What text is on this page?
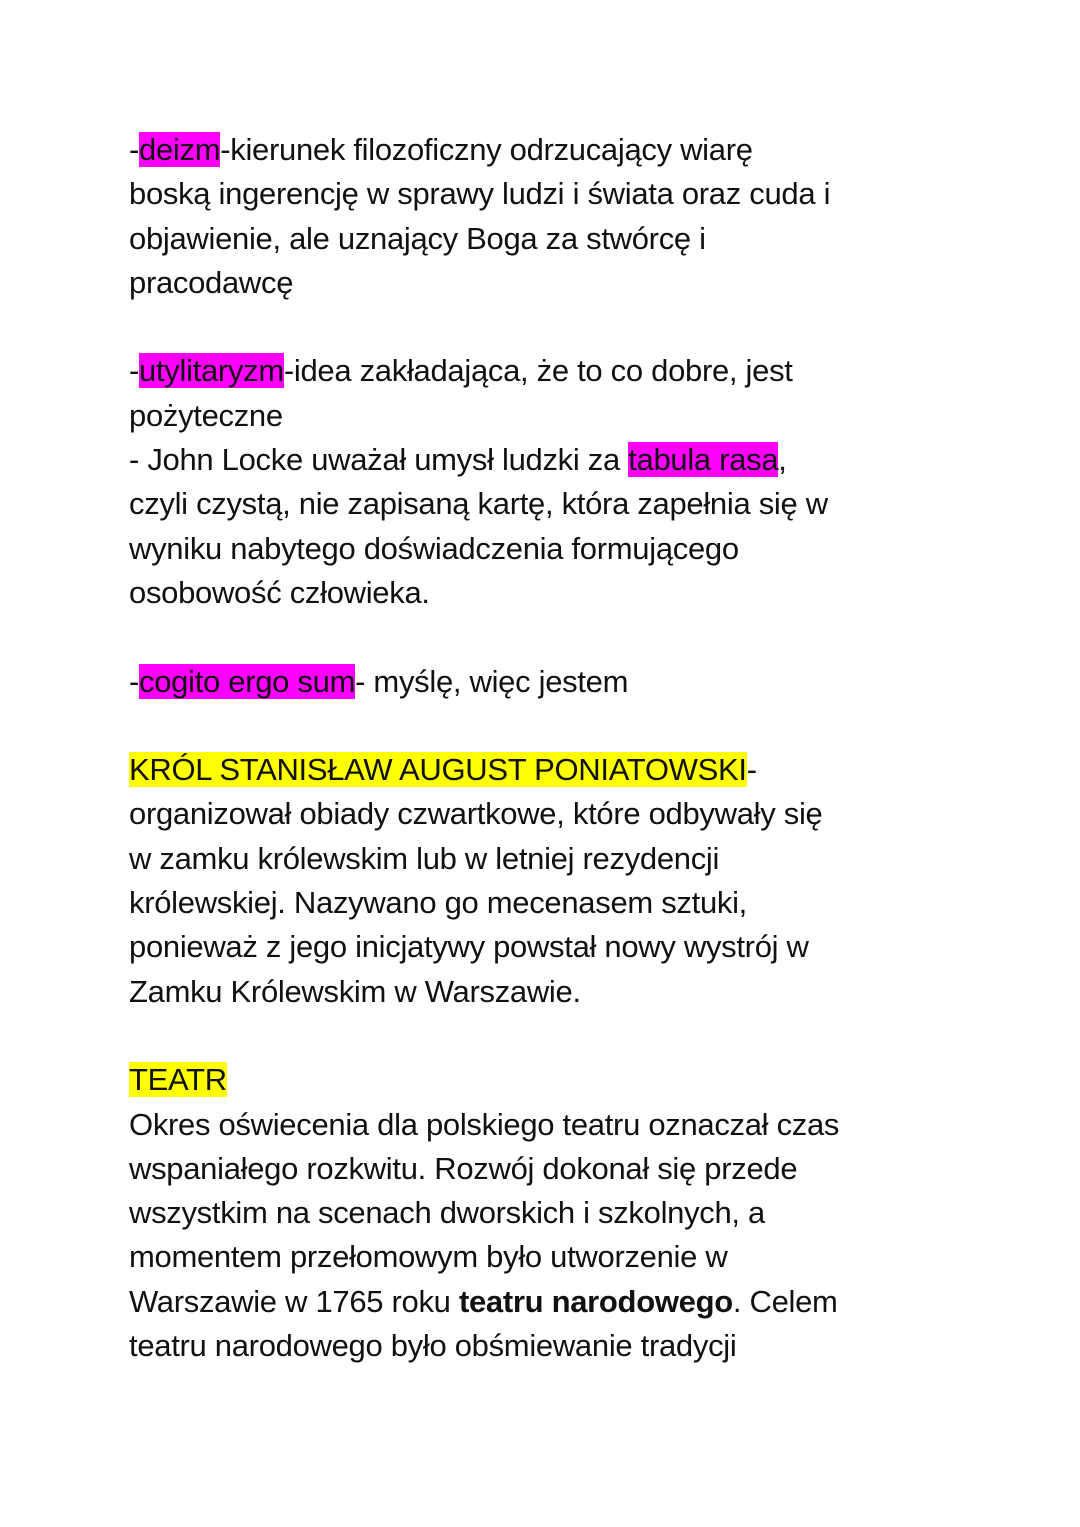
-deizm-kierunek filozoficzny odrzucający wiarę
boską ingerencję w sprawy ludzi i świata oraz cuda i
objawienie, ale uznający Boga za stwórcę i
pracodawcę
-utylitaryzm-idea zakładająca, że to co dobre, jest
pożyteczne
- John Locke uważał umysł ludzki za tabula rasa,
czyli czystą, nie zapisaną kartę, która zapełnia się w
wyniku nabytego doświadczenia formującego
osobowość człowieka.
-cogito ergo sum- myślę, więc jestem
KRÓL STANISŁAW AUGUST PONIATOWSKI-
organizował obiady czwartkowe, które odbywały się
w zamku królewskim lub w letniej rezydencji
królewskiej. Nazywano go mecenasem sztuki,
ponieważ z jego inicjatywy powstał nowy wystrój w
Zamku Królewskim w Warszawie.
TEATR
Okres oświecenia dla polskiego teatru oznaczał czas
wspaniałego rozkwitu. Rozwój dokonał się przede
wszystkim na scenach dworskich i szkolnych, a
momentem przełomowym było utworzenie w
Warszawie w 1765 roku teatru narodowego. Celem
teatru narodowego było obśmiewanie tradycji
